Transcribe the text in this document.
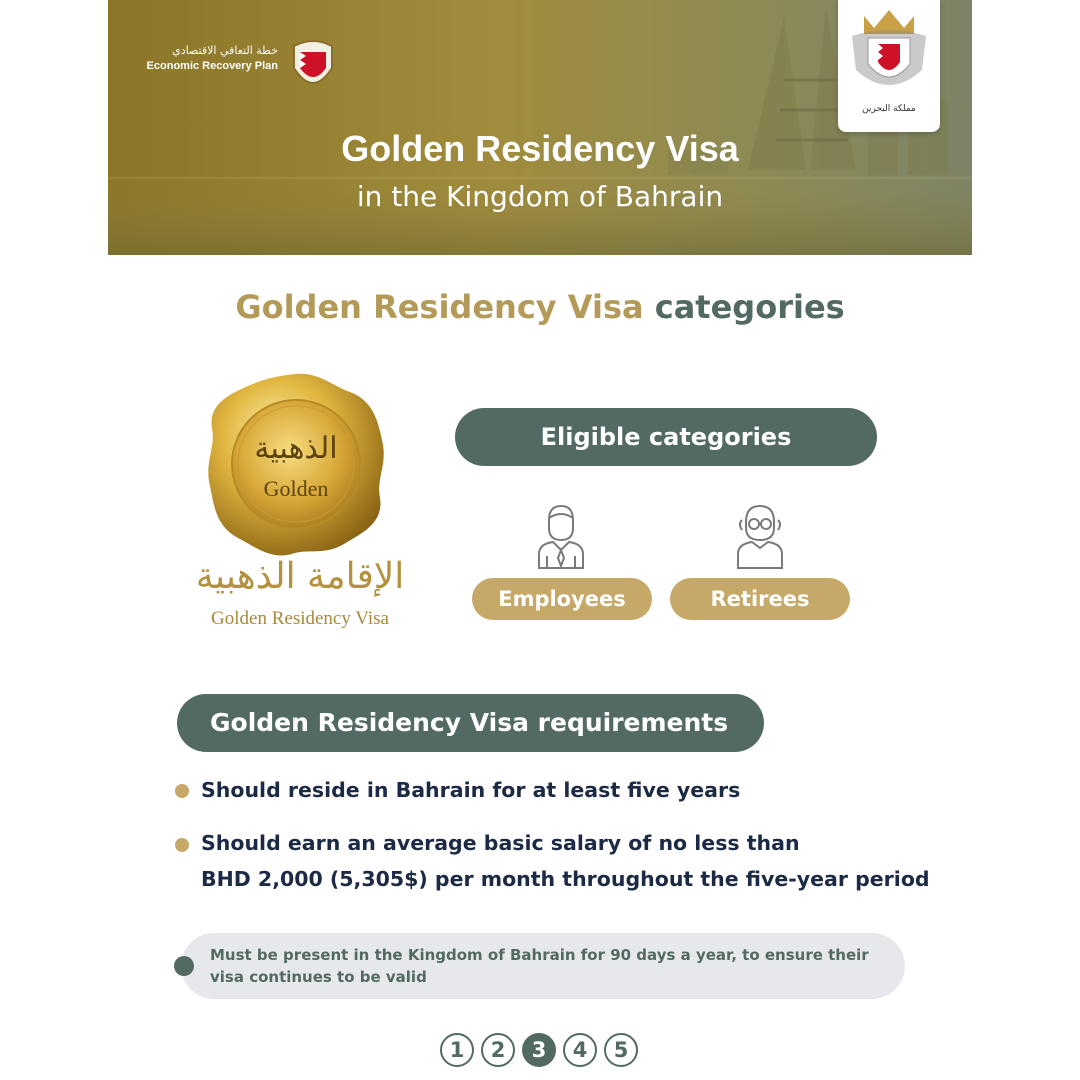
خطة التعافي الاقتصادي
Economic Recovery Plan
مملكة البحرين
Golden Residency Visa
in the Kingdom of Bahrain
Golden Residency Visa categories
الذهبية
Golden
الإقامة الذهبية
Golden Residency Visa
Eligible categories
Employees	Retirees
Golden Residency Visa requirements
Should reside in Bahrain for at least five years
Should earn an average basic salary of no less than
BHD 2,000 (5,305$) per month throughout the five-year period
Must be present in the Kingdom of Bahrain for 90 days a year, to ensure their visa continues to be valid
1	2	3	4	5
